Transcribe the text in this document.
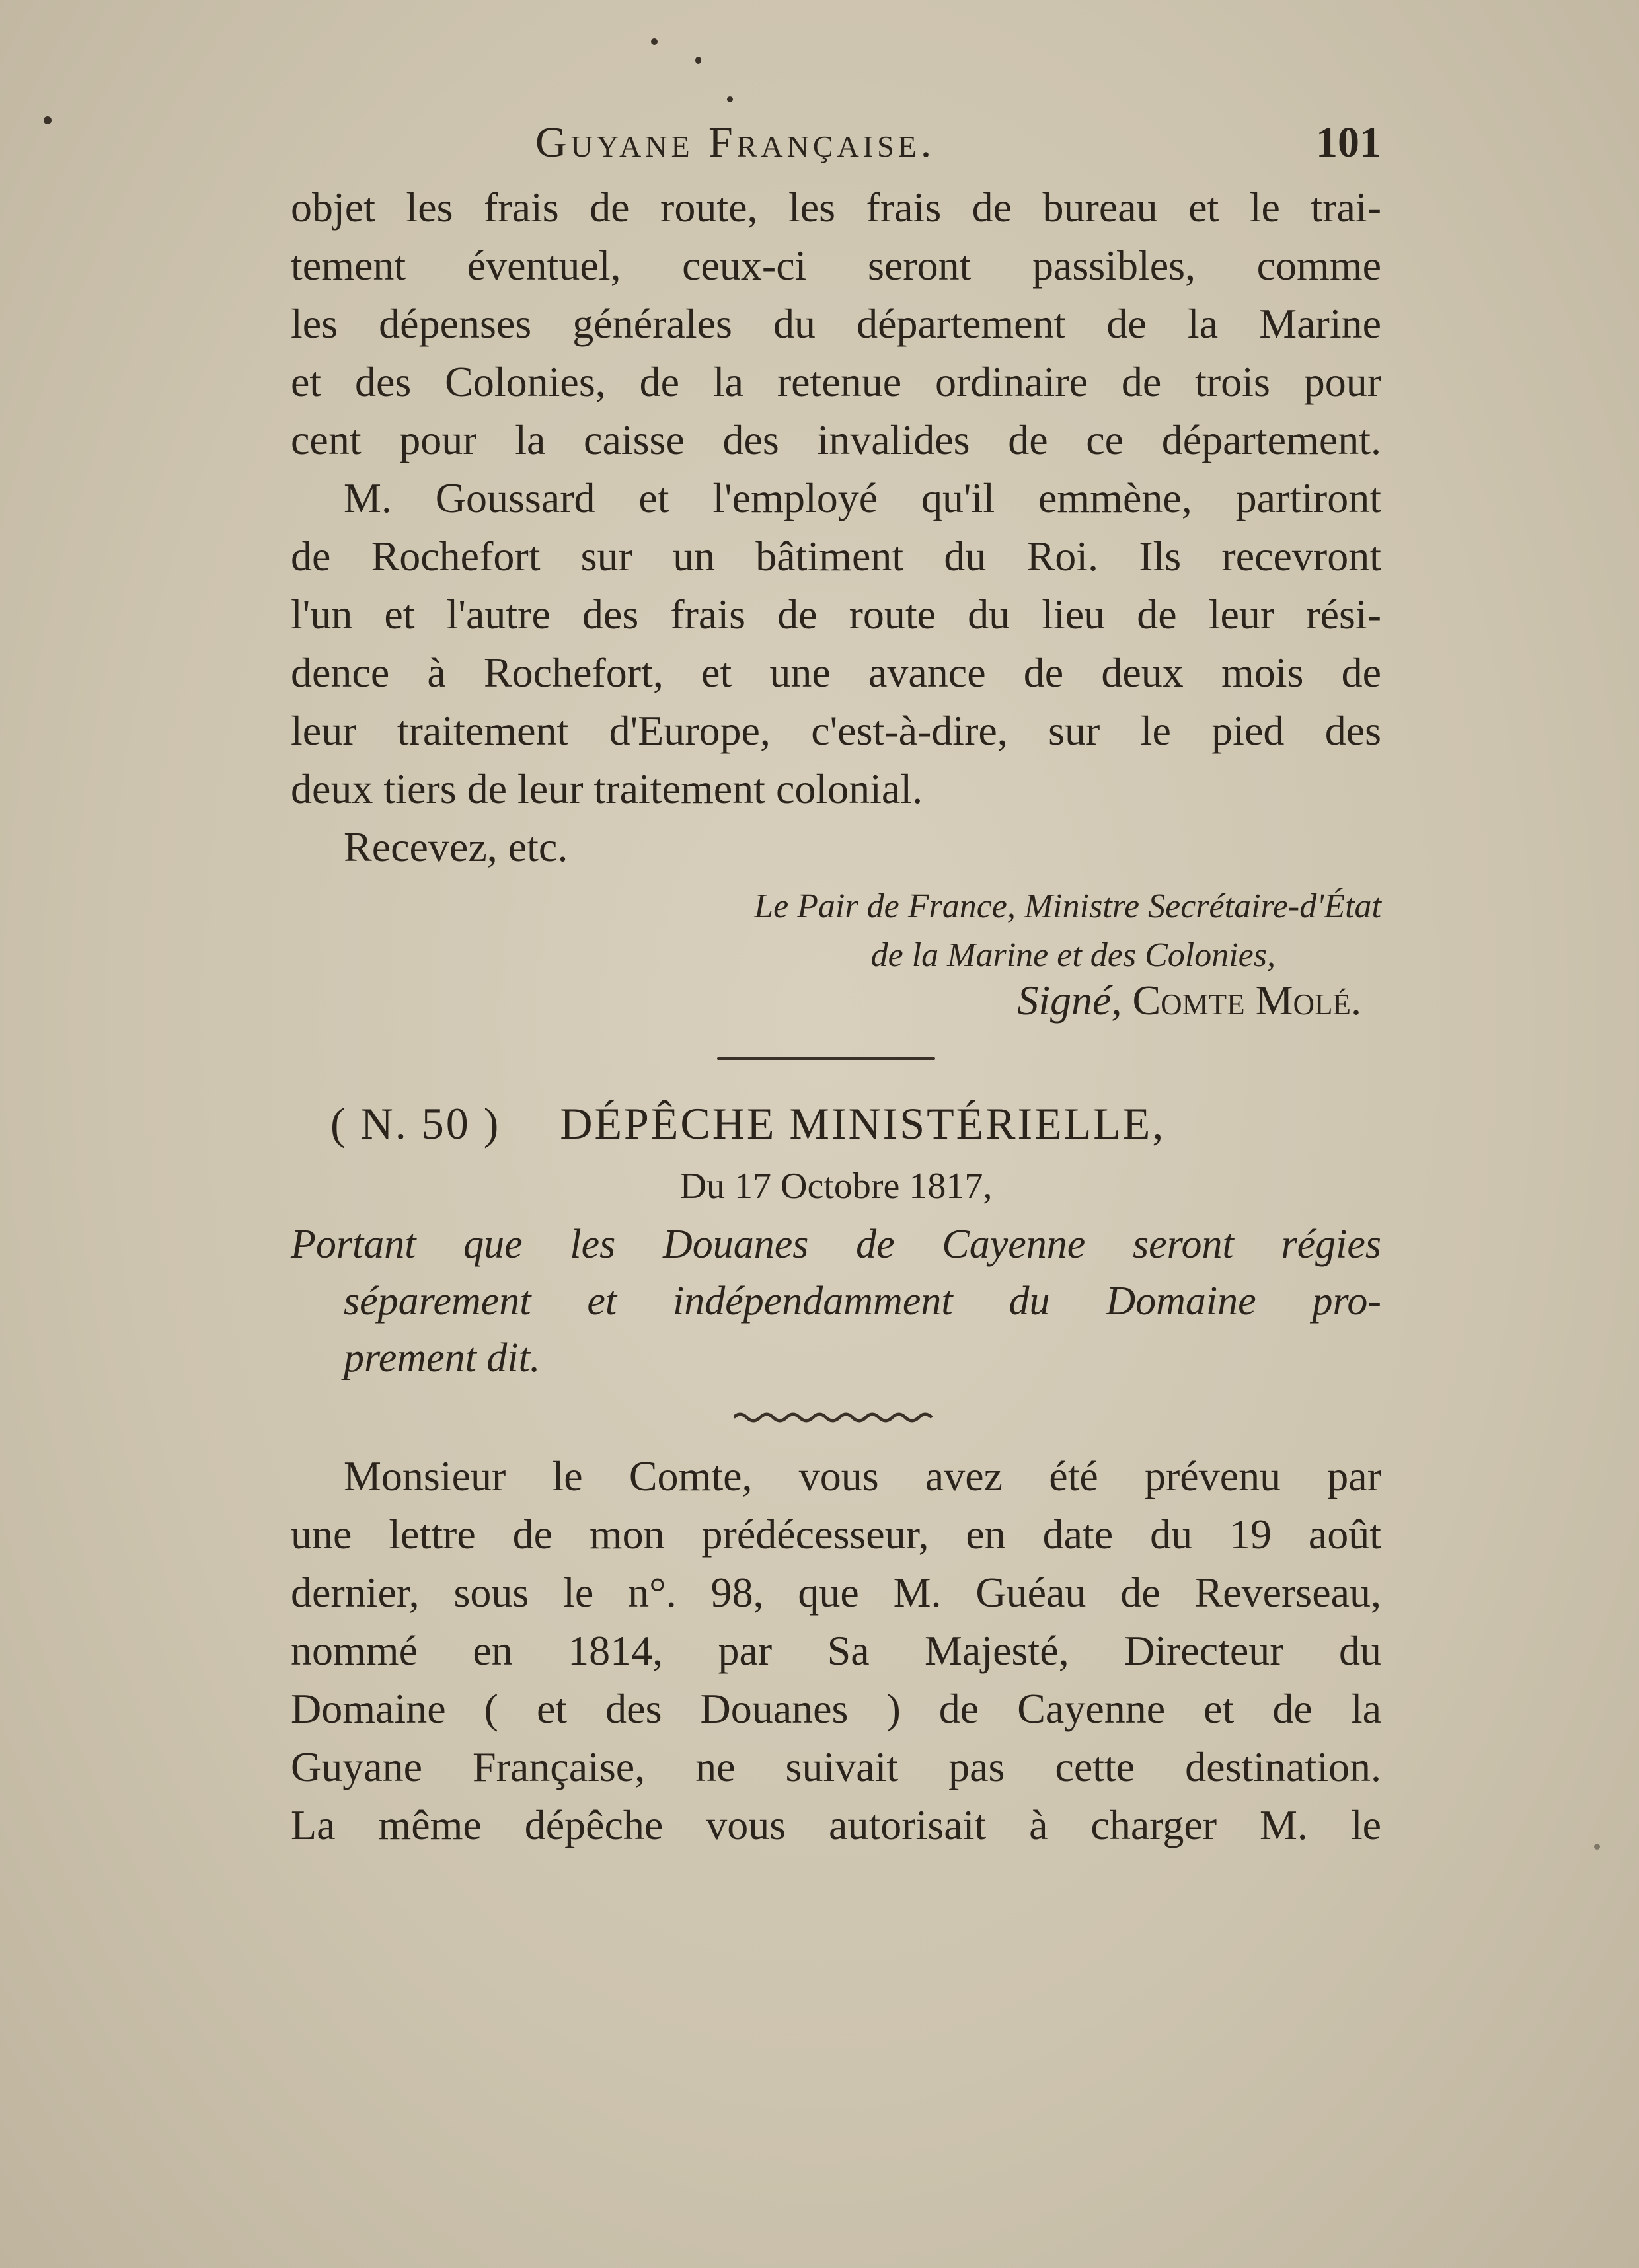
Guyane Française.	101
objet les frais de route, les frais de bureau et le trai-
tement éventuel, ceux-ci seront passibles, comme
les dépenses générales du département de la Marine
et des Colonies, de la retenue ordinaire de trois pour
cent pour la caisse des invalides de ce département.
M. Goussard et l'employé qu'il emmène, partiront
de Rochefort sur un bâtiment du Roi. Ils recevront
l'un et l'autre des frais de route du lieu de leur rési-
dence à Rochefort, et une avance de deux mois de
leur traitement d'Europe, c'est-à-dire, sur le pied des
deux tiers de leur traitement colonial.
Recevez, etc.
Le Pair de France, Ministre Secrétaire-d'État
de la Marine et des Colonies,
Signé, Comte Molé.
( N. 50 ) DÉPÊCHE MINISTÉRIELLE,
Du 17 Octobre 1817,
Portant que les Douanes de Cayenne seront régies
séparement et indépendamment du Domaine pro-
prement dit.
Monsieur le Comte, vous avez été prévenu par
une lettre de mon prédécesseur, en date du 19 août
dernier, sous le n°. 98, que M. Guéau de Reverseau,
nommé en 1814, par Sa Majesté, Directeur du
Domaine ( et des Douanes ) de Cayenne et de la
Guyane Française, ne suivait pas cette destination.
La même dépêche vous autorisait à charger M. le
